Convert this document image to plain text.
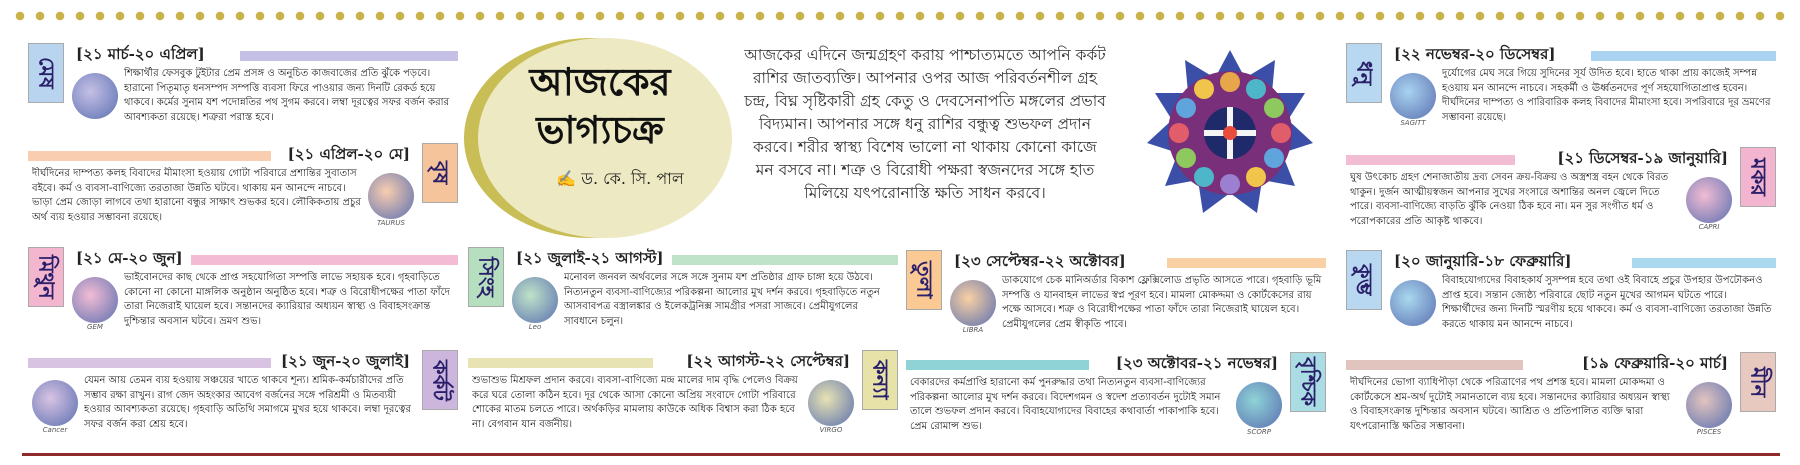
আজকের
ভাগ্যচক্র
✍ ড. কে. সি. পাল
আজকের এদিনে জন্মগ্রহণ করায় পাশ্চাত্যমতে আপনি কর্কট রাশির জাতব্যক্তি। আপনার ওপর আজ পরিবর্তনশীল গ্রহ চন্দ্র, বিঘ্ন সৃষ্টিকারী গ্রহ কেতু ও দেবসেনাপতি মঙ্গলের প্রভাব বিদ্যমান। আপনার সঙ্গে ধনু রাশির বন্ধুত্ব শুভফল প্রদান করবে। শরীর স্বাস্থ্য বিশেষ ভালো না থাকায় কোনো কাজে মন বসবে না। শত্রু ও বিরোধী পক্ষরা স্বজনদের সঙ্গে হাত মিলিয়ে যৎপরোনাস্তি ক্ষতি সাধন করবে।
মেষ
[২১ মার্চ-২০ এপ্রিল]
শিক্ষার্থীর ফেসবুক টুইটার প্রেম প্রসঙ্গ ও অনুচিত কাজবাজের প্রতি ঝুঁকে পড়বে। হারানো পিতৃমাতৃ ধনসম্পদ সম্পত্তি ব্যবসা ফিরে পাওয়ার জন্য দিনটি রেকর্ড হয়ে থাকবে। কর্মের সুনাম যশ পদোন্নতির পথ সুগম করবে। লম্বা দূরত্বের সফর বর্জন করার আবশ্যকতা রয়েছে। শত্রুরা পরাস্ত হবে।
বৃষ
[২১ এপ্রিল-২০ মে]
TAURUS
দীর্ঘদিনের দাম্পত্য কলহ বিবাদের মীমাংসা হওয়ায় গোটা পরিবারে প্রশান্তির সুবাতাস বইবে। কর্ম ও ব্যবসা-বাণিজ্যে তরতাজা উন্নতি ঘটবে। থাকায় মন আনন্দে নাচবে। ভাড়া প্রেম জোড়া লাগবে তথা হারানো বন্ধুর সাক্ষাৎ শুভকর হবে। লৌকিকতায় প্রচুর অর্থ ব্যয় হওয়ার সম্ভাবনা রয়েছে।
মিথুন	[২১ মে-২০ জুন]
GEM
ভাইবোনদের কাছ থেকে প্রাপ্ত সহযোগিতা সম্পত্তি লাভে সহায়ক হবে। গৃহবাড়িতে কোনো না কোনো মাঙ্গলিক অনুষ্ঠান অনুষ্ঠিত হবে। শত্রু ও বিরোধীপক্ষের পাতা ফাঁদে তারা নিজেরাই ঘায়েল হবে। সন্তানদের ক্যারিয়ার অধ্যয়ন স্বাস্থ্য ও বিবাহসংক্রান্ত দুশ্চিন্তার অবসান ঘটবে। ভ্রমণ শুভ।
কর্কট
[২১ জুন-২০ জুলাই]
Cancer
যেমন আয় তেমন ব্যয় হওয়ায় সঞ্চয়ের খাতে থাকবে শূন্য। শ্রমিক-কর্মচারীদের প্রতি সম্ভাব রক্ষা রাখুন। রাগ জেদ অহংকার আবেগ বর্জনের সঙ্গে পরিশ্রমী ও মিতব্যয়ী হওয়ার আবশ্যকতা রয়েছে। গৃহবাড়ি অতিথি সমাগমে মুখর হয়ে থাকবে। লম্বা দূরত্বের সফর বর্জন করা শ্রেয় হবে।
সিংহ	[২১ জুলাই-২১ আগস্ট]
Leo
মনোবল জনবল অর্থবলের সঙ্গে সঙ্গে সুনাম যশ প্রতিষ্ঠার গ্রাফ চাঙ্গা হয়ে উঠবে। নিত্যনতুন ব্যবসা-বাণিজ্যের পরিকল্পনা আলোর মুখ দর্শন করবে। গৃহবাড়িতে নতুন আসবাবপত্র বস্ত্রালঙ্কার ও ইলেকট্রনিক্স সামগ্রীর পসরা সাজবে। প্রেমীযুগলের সাবধানে চলুন।
কন্যা
[২২ আগস্ট-২২ সেপ্টেম্বর]
VIRGO
শুভাশুভ মিশ্রফল প্রদান করবে। ব্যবসা-বাণিজ্যে মন্দ্র মালের দাম বৃদ্ধি পেলেও বিক্রয় করে ঘরে তোলা কঠিন হবে। দূর থেকে আসা কোনো অপ্রিয় সংবাদে গোটা পরিবারে শোকের মাতম চলতে পারে। অর্থকড়ির মামলায় কাউকে অধিক বিশ্বাস করা ঠিক হবে না। বেগবান যান বর্জনীয়।
তুলা
[২৩ সেপ্টেম্বর-২২ অক্টোবর]
LIBRA
ডাকযোগে চেক মানিঅর্ডার বিকাশ ফ্লেক্সিলোড প্রভৃতি আসতে পারে। গৃহবাড়ি ভূমি সম্পত্তি ও যানবাহন লাভের স্বপ্ন পূরণ হবে। মামলা মোকদ্দমা ও কোর্টকেসের রায় পক্ষে আসবে। শত্রু ও বিরোধীপক্ষের পাতা ফাঁদে তারা নিজেরাই ঘায়েল হবে। প্রেমীযুগলের প্রেম স্বীকৃতি পাবে।
বৃশ্চিক
[২৩ অক্টোবর-২১ নভেম্বর]
SCORP
বেকারদের কর্মপ্রাপ্তি হারানো কর্ম পুনরুদ্ধার তথা নিত্যনতুন ব্যবসা-বাণিজ্যের পরিকল্পনা আলোর মুখ দর্শন করবে। বিদেশগমন ও স্বদেশ প্রত্যাবর্তন দুটোই সমান তালে শুভফল প্রদান করবে। বিবাহযোগ্যদের বিবাহের কথাবার্তা পাকাপাকি হবে। প্রেম রোমান্স শুভ।
ধনু
[২২ নভেম্বর-২০ ডিসেম্বর]
SAGITT
দুর্যোগের মেঘ সরে গিয়ে সুদিনের সূর্য উদিত হবে। হাতে থাকা প্রায় কাজেই সম্পন্ন হওয়ায় মন আনন্দে নাচবে। সহকর্মী ও ঊর্ধ্বতনদের পূর্ণ সহযোগিতাপ্রাপ্ত হবেন। দীর্ঘদিনের দাম্পত্য ও পারিবারিক কলহ বিবাদের মীমাংসা হবে। সপরিবারে দূর ভ্রমণের সম্ভাবনা রয়েছে।
মকর
[২১ ডিসেম্বর-১৯ জানুয়ারি]
CAPRI
ঘুষ উৎকোচ গ্রহণ শেনাজাতীয় দ্রব্য সেবন ক্রয়-বিক্রয় ও অস্ত্রশস্ত্র বহন থেকে বিরত থাকুন। দুর্জন আত্মীয়স্বজন আপনার সুখের সংসারে অশান্তির অনল জ্বেলে দিতে পারে। ব্যবসা-বাণিজ্যে বাড়তি ঝুঁকি নেওয়া ঠিক হবে না। মন সুর সংগীত ধর্ম ও পরোপকারের প্রতি আকৃষ্ট থাকবে।
কুম্ভ
[২০ জানুয়ারি-১৮ ফেব্রুয়ারি]
বিবাহযোগ্যদের বিবাহকার্য সুসম্পন্ন হবে তথা ওই বিবাহে প্রচুর উপহার উপঢৌকনও প্রাপ্ত হবে। সন্তান জ্যেষ্ঠ্য পরিবারে ছোট নতুন মুখের আগমন ঘটতে পারে। শিক্ষার্থীদের জন্য দিনটি স্মরণীয় হয়ে থাকবে। কর্ম ও ব্যবসা-বাণিজ্যে তরতাজা উন্নতি করতে থাকায় মন আনন্দে নাচবে।
মীন
[১৯ ফেব্রুয়ারি-২০ মার্চ]
PISCES
দীর্ঘদিনের ভোগা ব্যাধিপীড়া থেকে পরিত্রাণের পথ প্রশস্ত হবে। মামলা মোকদ্দমা ও কোর্টকেসে শ্রম-অর্থ দুটোই সমানতালে ব্যয় হবে। সন্তানদের ক্যারিয়ার অধ্যয়ন স্বাস্থ্য ও বিবাহসংক্রান্ত দুশ্চিন্তার অবসান ঘটবে। আশ্রিত ও প্রতিপালিত ব্যক্তি দ্বারা যৎপরোনাস্তি ক্ষতির সম্ভাবনা।
